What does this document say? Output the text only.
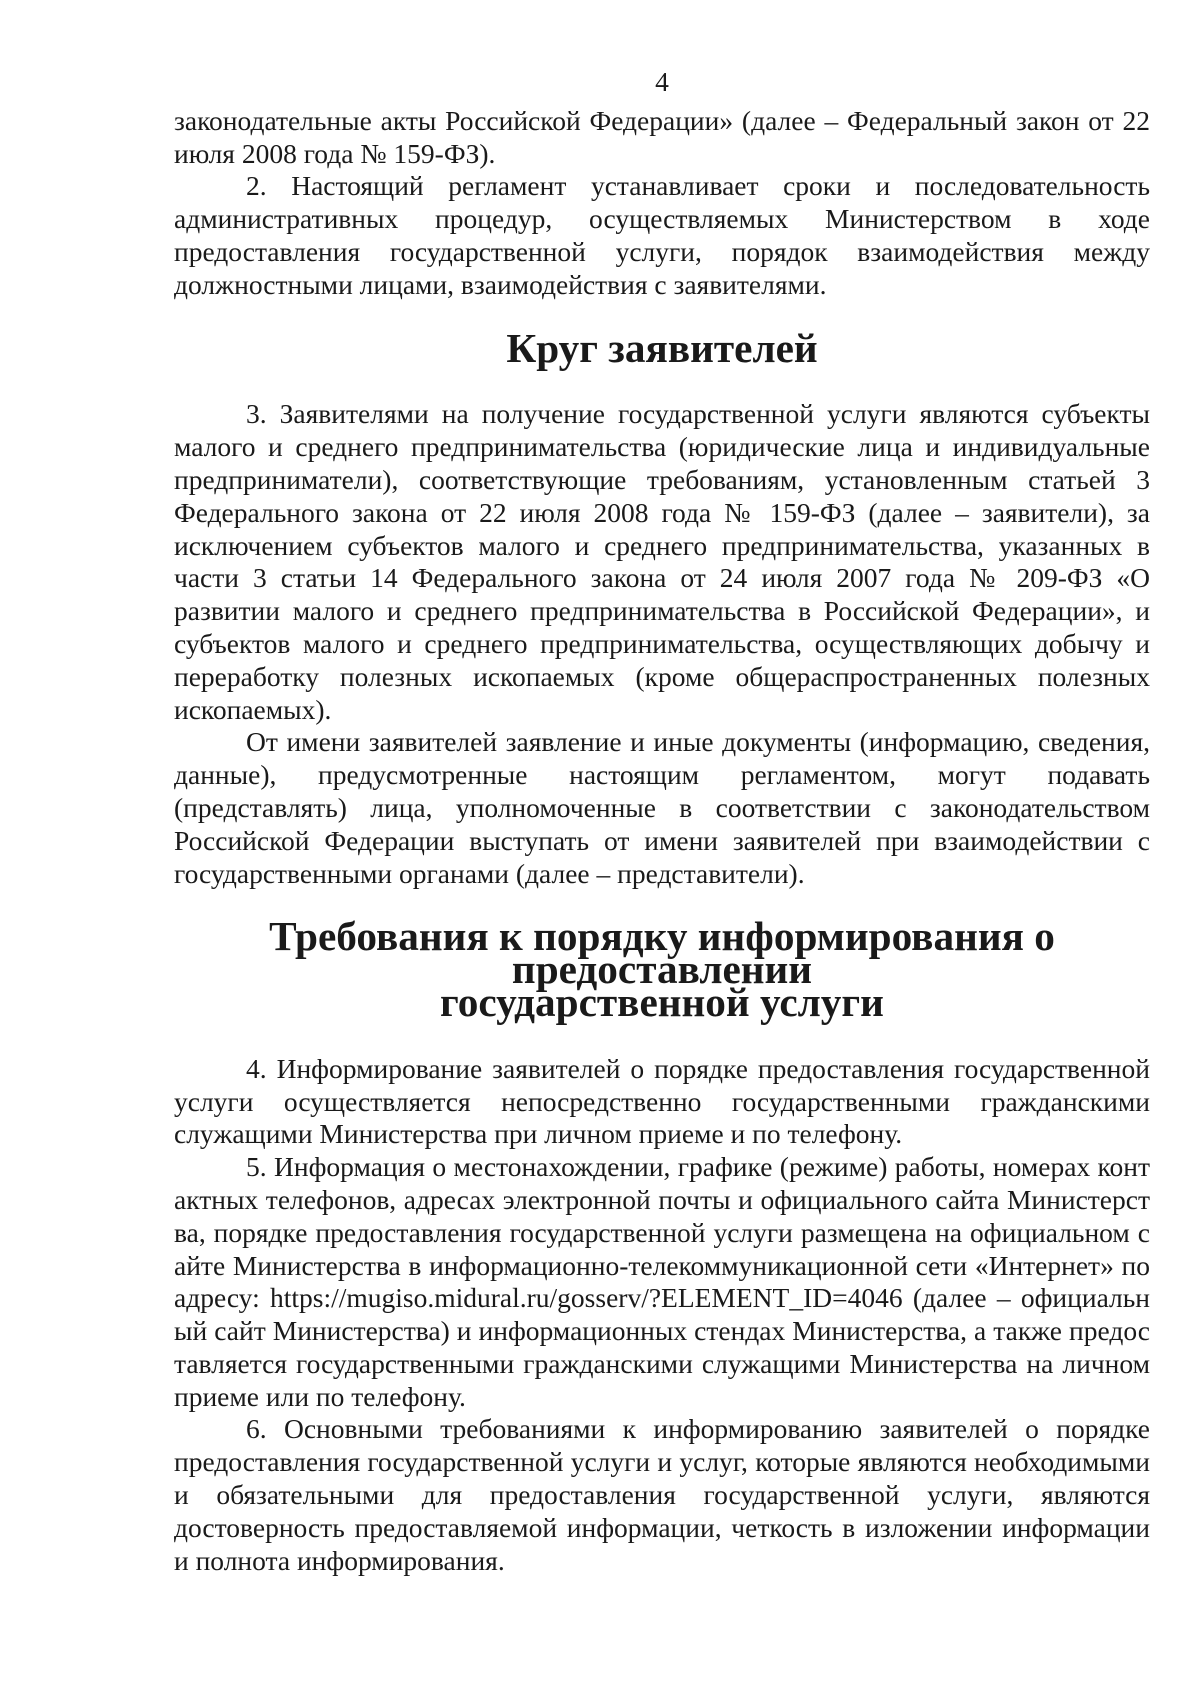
4

законодательные акты Российской Федерации» (далее – Федеральный закон от 22 июля 2008 года № 159-ФЗ).

2. Настоящий регламент устанавливает сроки и последовательность административных процедур, осуществляемых Министерством в ходе предоставления государственной услуги, порядок взаимодействия между должностными лицами, взаимодействия с заявителями.

Круг заявителей

3. Заявителями на получение государственной услуги являются субъекты малого и среднего предпринимательства (юридические лица и индивидуальные предприниматели), соответствующие требованиям, установленным статьей 3 Федерального закона от 22 июля 2008 года № 159-ФЗ (далее – заявители), за исключением субъектов малого и среднего предпринимательства, указанных в части 3 статьи 14 Федерального закона от 24 июля 2007 года № 209-ФЗ «О развитии малого и среднего предпринимательства в Российской Федерации», и субъектов малого и среднего предпринимательства, осуществляющих добычу и переработку полезных ископаемых (кроме общераспространенных полезных ископаемых).

От имени заявителей заявление и иные документы (информацию, сведения, данные), предусмотренные настоящим регламентом, могут подавать (представлять) лица, уполномоченные в соответствии с законодательством Российской Федерации выступать от имени заявителей при взаимодействии с государственными органами (далее – представители).

Требования к порядку информирования о предоставлении
государственной услуги

4. Информирование заявителей о порядке предоставления государственной услуги осуществляется непосредственно государственными гражданскими служащими Министерства при личном приеме и по телефону.

5. Информация о местонахождении, графике (режиме) работы, номерах контактных телефонов, адресах электронной почты и официального сайта Министерства, порядке предоставления государственной услуги размещена на официальном сайте Министерства в информационно-телекоммуникационной сети «Интернет» по адресу: https://mugiso.midural.ru/gosserv/?ELEMENT_ID=4046 (далее – официальный сайт Министерства) и информационных стендах Министерства, а также предоставляется государственными гражданскими служащими Министерства на личном приеме или по телефону.

6. Основными требованиями к информированию заявителей о порядке предоставления государственной услуги и услуг, которые являются необходимыми и обязательными для предоставления государственной услуги, являются достоверность предоставляемой информации, четкость в изложении информации и полнота информирования.
